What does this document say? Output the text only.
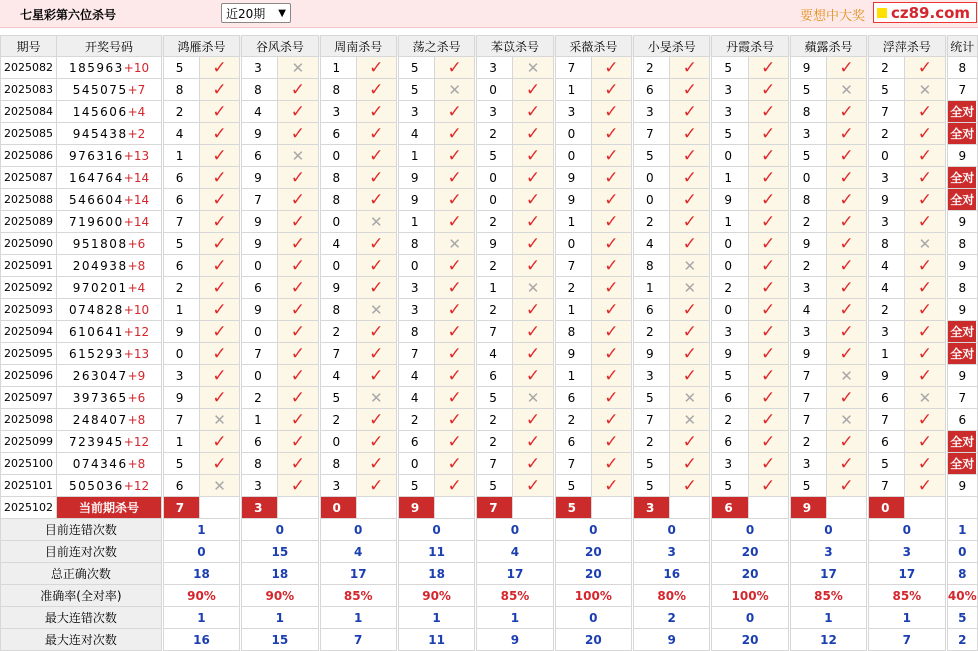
七星彩第六位杀号	近20期 ▼	要想中大奖 cz89.com
期号	开奖号码		鸿雁杀号			谷风杀号			周南杀号			荡之杀号			苯苡杀号			采薇杀号			小旻杀号			丹霞杀号			蘋露杀号			浮萍杀号			统计
2025082	185963+10		5	✓		3	✕		1	✓		5	✓		3	✕		7	✓		2	✓		5	✓		9	✓		2	✓		8
2025083	545075+7		8	✓		8	✓		8	✓		5	✕		0	✓		1	✓		6	✓		3	✓		5	✕		5	✕		7
2025084	145606+4		2	✓		4	✓		3	✓		3	✓		3	✓		3	✓		3	✓		3	✓		8	✓		7	✓		全对
2025085	945438+2		4	✓		9	✓		6	✓		4	✓		2	✓		0	✓		7	✓		5	✓		3	✓		2	✓		全对
2025086	976316+13		1	✓		6	✕		0	✓		1	✓		5	✓		0	✓		5	✓		0	✓		5	✓		0	✓		9
2025087	164764+14		6	✓		9	✓		8	✓		9	✓		0	✓		9	✓		0	✓		1	✓		0	✓		3	✓		全对
2025088	546604+14		6	✓		7	✓		8	✓		9	✓		0	✓		9	✓		0	✓		9	✓		8	✓		9	✓		全对
2025089	719600+14		7	✓		9	✓		0	✕		1	✓		2	✓		1	✓		2	✓		1	✓		2	✓		3	✓		9
2025090	951808+6		5	✓		9	✓		4	✓		8	✕		9	✓		0	✓		4	✓		0	✓		9	✓		8	✕		8
2025091	204938+8		6	✓		0	✓		0	✓		0	✓		2	✓		7	✓		8	✕		0	✓		2	✓		4	✓		9
2025092	970201+4		2	✓		6	✓		9	✓		3	✓		1	✕		2	✓		1	✕		2	✓		3	✓		4	✓		8
2025093	074828+10		1	✓		9	✓		8	✕		3	✓		2	✓		1	✓		6	✓		0	✓		4	✓		2	✓		9
2025094	610641+12		9	✓		0	✓		2	✓		8	✓		7	✓		8	✓		2	✓		3	✓		3	✓		3	✓		全对
2025095	615293+13		0	✓		7	✓		7	✓		7	✓		4	✓		9	✓		9	✓		9	✓		9	✓		1	✓		全对
2025096	263047+9		3	✓		0	✓		4	✓		4	✓		6	✓		1	✓		3	✓		5	✓		7	✕		9	✓		9
2025097	397365+6		9	✓		2	✓		5	✕		4	✓		5	✕		6	✓		5	✕		6	✓		7	✓		6	✕		7
2025098	248407+8		7	✕		1	✓		2	✓		2	✓		2	✓		2	✓		7	✕		2	✓		7	✕		7	✓		6
2025099	723945+12		1	✓		6	✓		0	✓		6	✓		2	✓		6	✓		2	✓		6	✓		2	✓		6	✓		全对
2025100	074346+8		5	✓		8	✓		8	✓		0	✓		7	✓		7	✓		5	✓		3	✓		3	✓		5	✓		全对
2025101	505036+12		6	✕		3	✓		3	✓		5	✓		5	✓		5	✓		5	✓		5	✓		5	✓		7	✓		9
2025102	当前期杀号		7			3			0			9			7			5			3			6			9			0			
目前连错次数			1			0			0			0			0			0			0			0			0			0			1
目前连对次数			0			15			4			11			4			20			3			20			3			3			0
总正确次数			18			18			17			18			17			20			16			20			17			17			8
准确率(全对率)			90%			90%			85%			90%			85%			100%			80%			100%			85%			85%			40%
最大连错次数			1			1			1			1			1			0			2			0			1			1			5
最大连对次数			16			15			7			11			9			20			9			20			12			7			2
